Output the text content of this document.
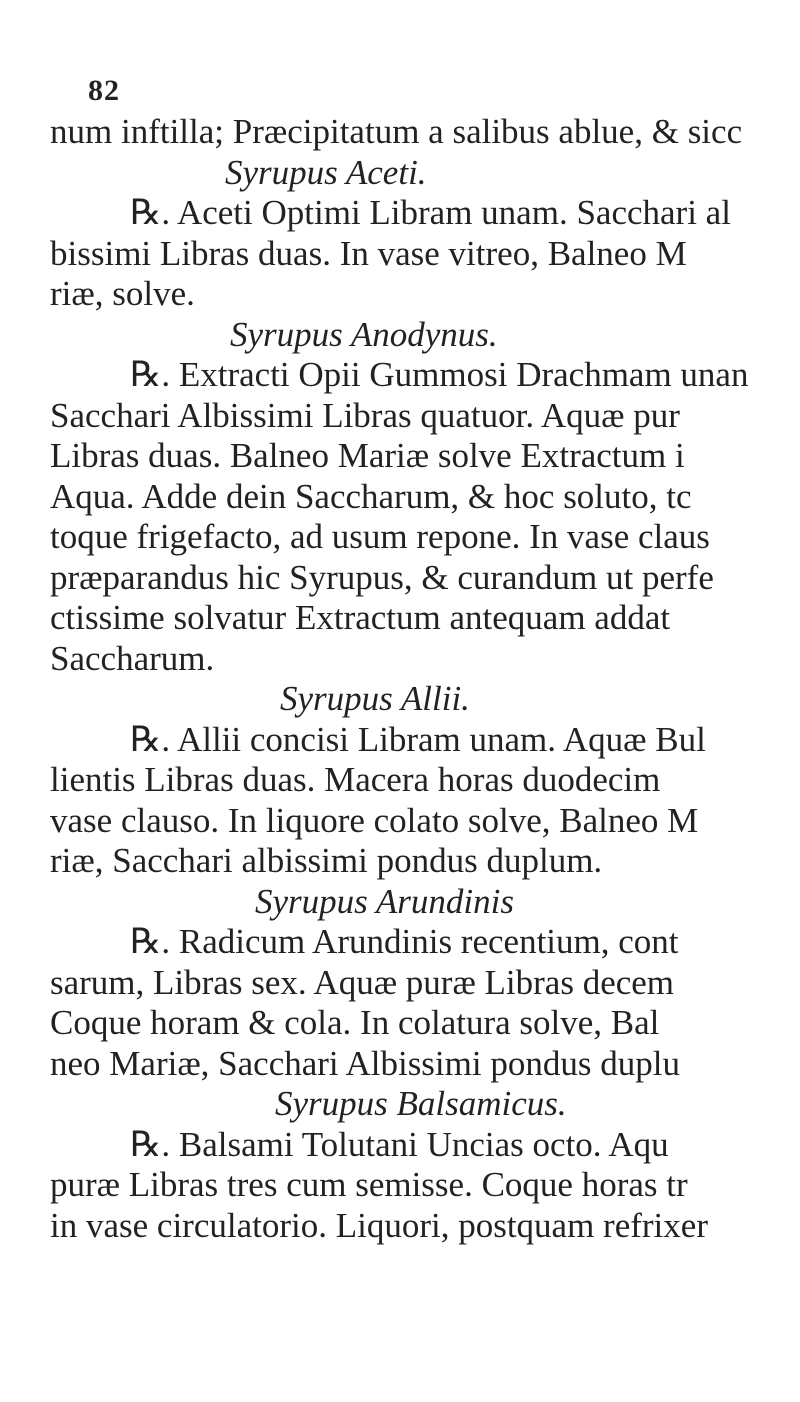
82
num inftilla; Præcipitatum a salibus ablue, & sicc
Syrupus Aceti.
℞. Aceti Optimi Libram unam. Sacchari al
bissimi Libras duas. In vase vitreo, Balneo M
riæ, solve.
Syrupus Anodynus.
℞. Extracti Opii Gummosi Drachmam unan
Sacchari Albissimi Libras quatuor. Aquæ pur
Libras duas. Balneo Mariæ solve Extractum i
Aqua. Adde dein Saccharum, & hoc soluto, tc
toque frigefacto, ad usum repone. In vase claus
præparandus hic Syrupus, & curandum ut perfe
ctissime solvatur Extractum antequam addat
Saccharum.
Syrupus Allii.
℞. Allii concisi Libram unam. Aquæ Bul
lientis Libras duas. Macera horas duodecim
vase clauso. In liquore colato solve, Balneo M
riæ, Sacchari albissimi pondus duplum.
Syrupus Arundinis
℞. Radicum Arundinis recentium, cont
sarum, Libras sex. Aquæ puræ Libras decem
Coque horam & cola. In colatura solve, Bal
neo Mariæ, Sacchari Albissimi pondus duplu
Syrupus Balsamicus.
℞. Balsami Tolutani Uncias octo. Aqu
puræ Libras tres cum semisse. Coque horas tr
in vase circulatorio. Liquori, postquam refrixer
